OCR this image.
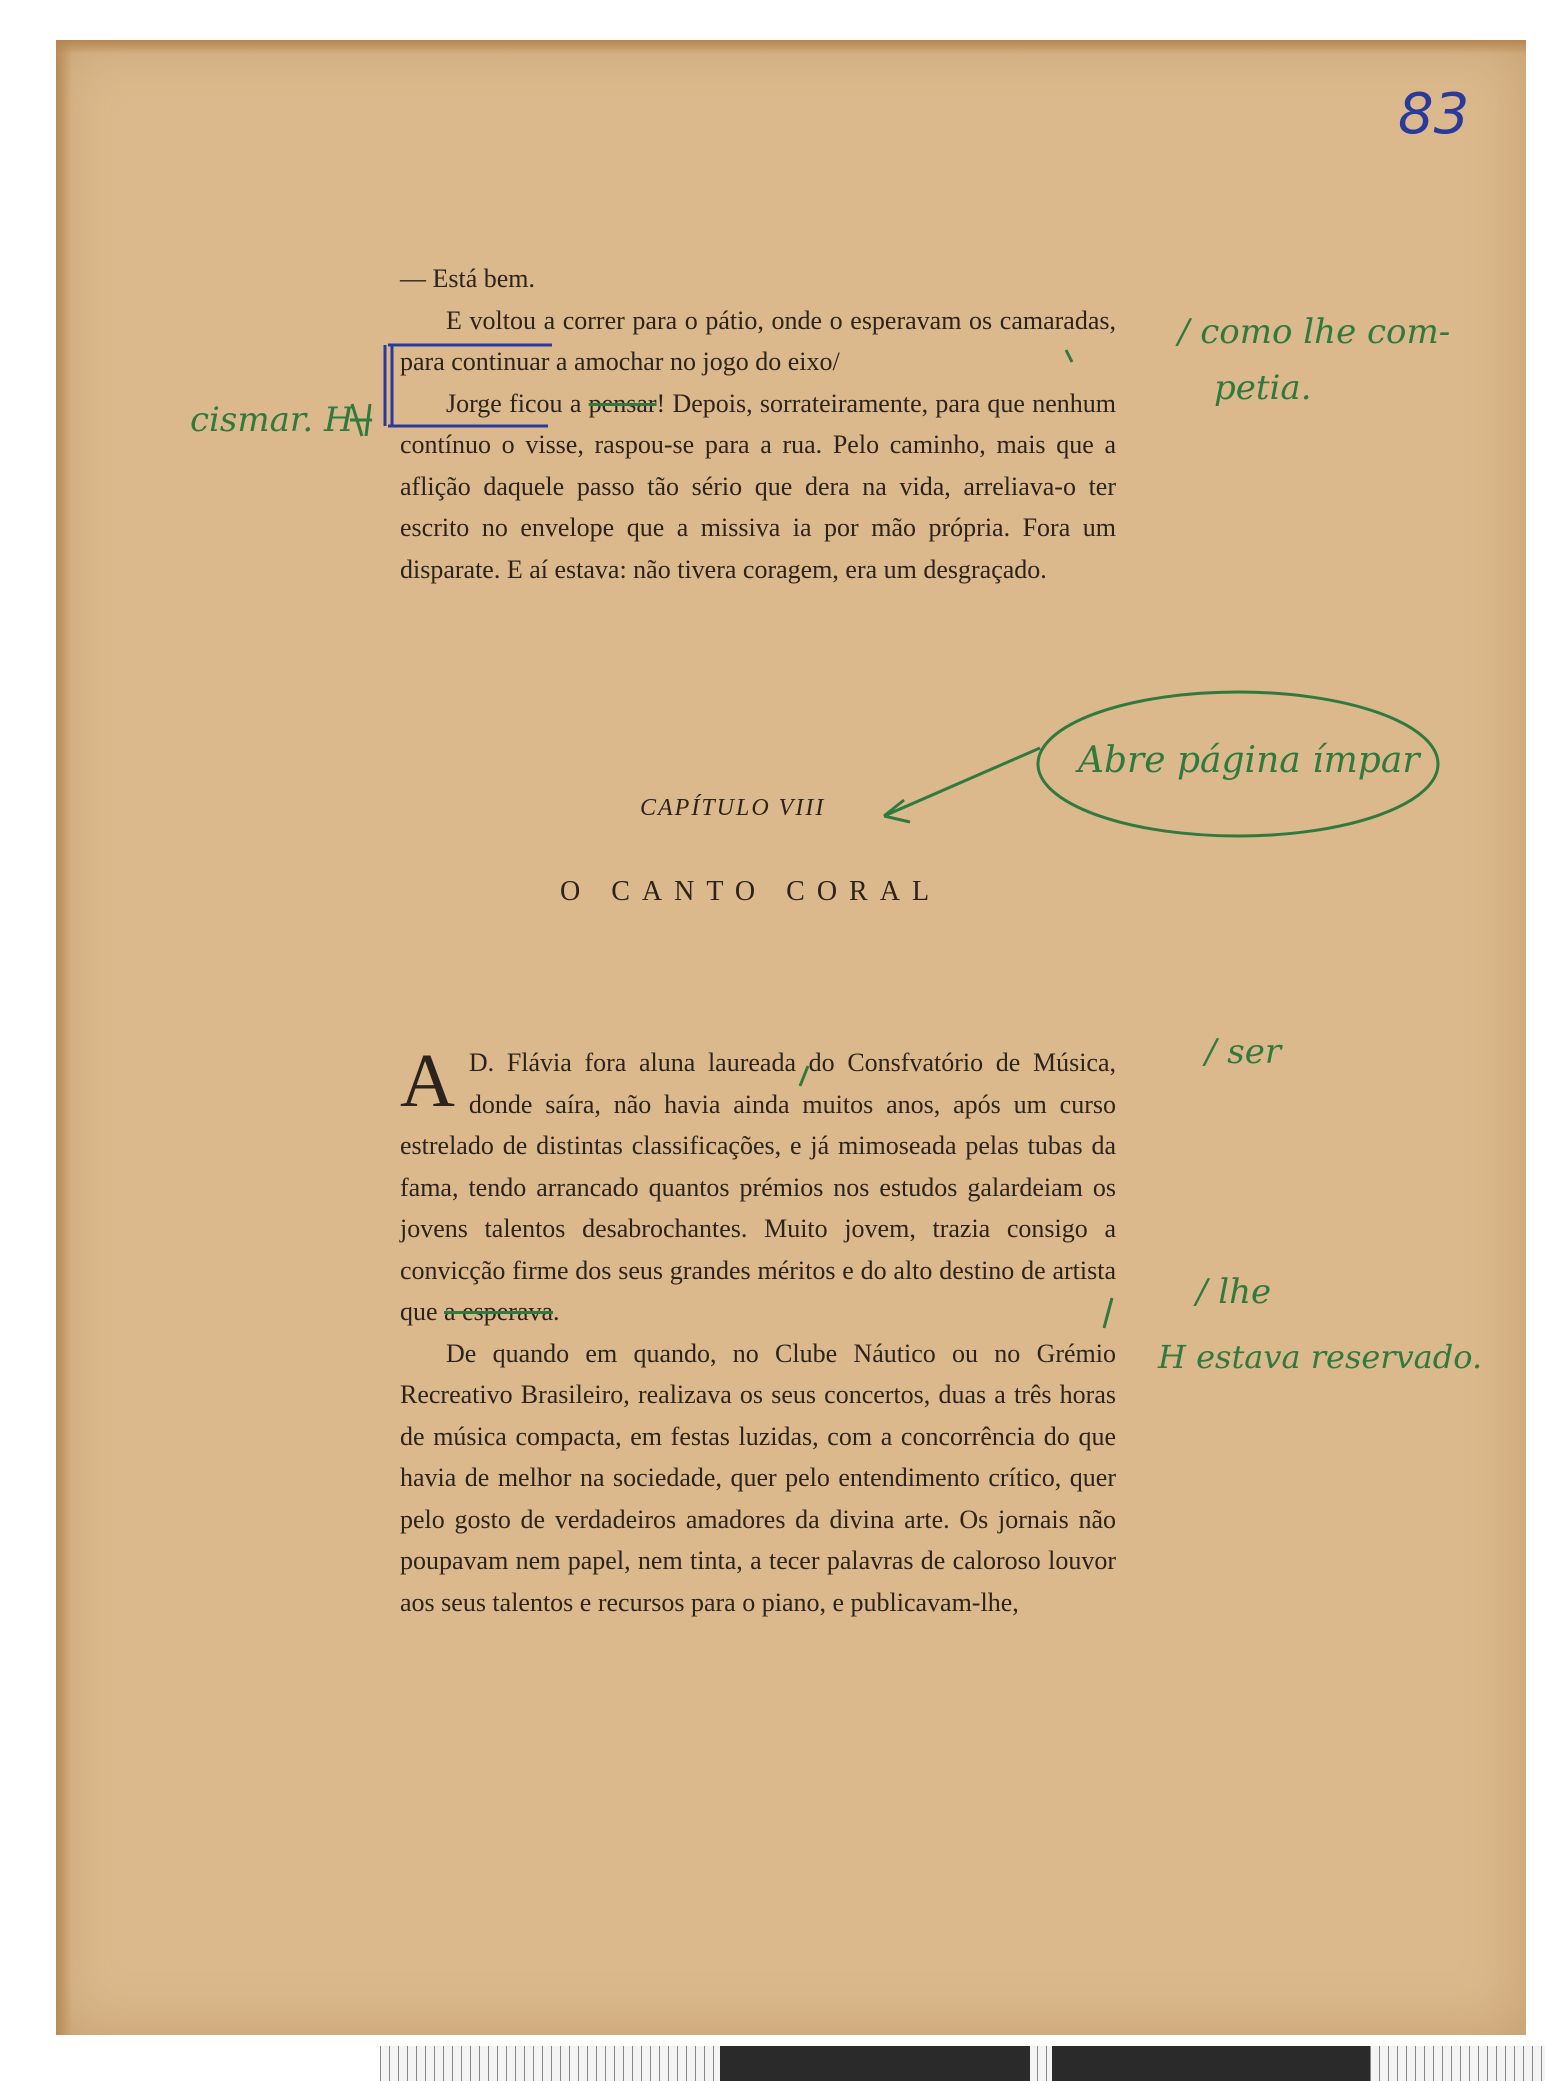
83

— Está bem.

E voltou a correr para o pátio, onde o esperavam os camaradas, para continuar a amochar no jogo do eixo/

Jorge ficou a pensar! Depois, sorrateiramente, para que nenhum contínuo o visse, raspou-se para a rua. Pelo caminho, mais que a aflição daquele passo tão sério que dera na vida, arreliava-o ter escrito no envelope que a missiva ia por mão própria. Fora um disparate. E aí estava: não tivera coragem, era um desgraçado.

CAPÍTULO VIII
O CANTO CORAL

A D. Flávia fora aluna laureada do Consfvatório de Música, donde saíra, não havia ainda muitos anos, após um curso estrelado de distintas classificações, e já mimoseada pelas tubas da fama, tendo arrancado quantos prémios nos estudos galardeiam os jovens talentos desabrochantes. Muito jovem, trazia consigo a convicção firme dos seus grandes méritos e do alto destino de artista que a esperava.

De quando em quando, no Clube Náutico ou no Grémio Recreativo Brasileiro, realizava os seus concertos, duas a três horas de música compacta, em festas luzidas, com a concorrência do que havia de melhor na sociedade, quer pelo entendimento crítico, quer pelo gosto de verdadeiros amadores da divina arte. Os jornais não poupavam nem papel, nem tinta, a tecer palavras de caloroso louvor aos seus talentos e recursos para o piano, e publicavam-lhe,

/ como lhe com-
petia.
cismar. H
Abre página ímpar
/ ser
/ lhe
H estava reservado.
